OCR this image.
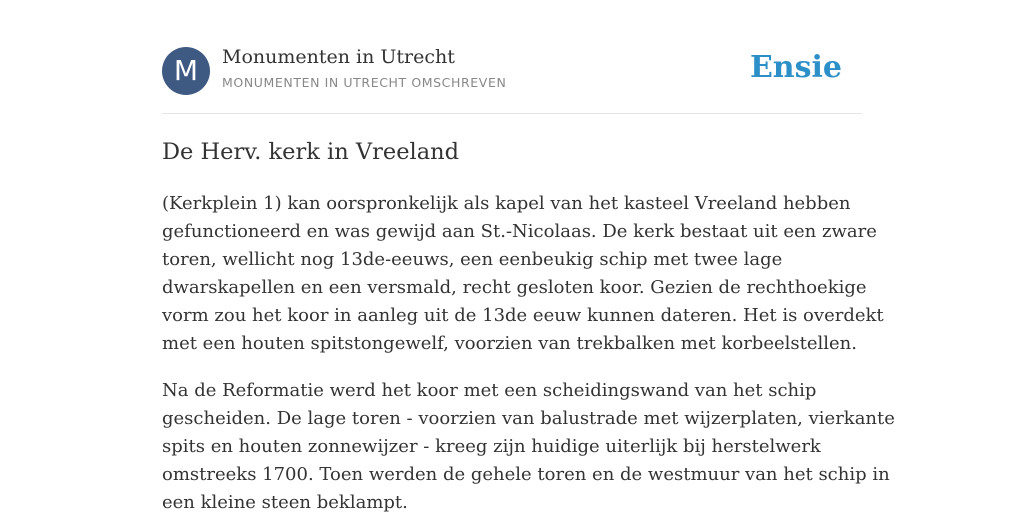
M	Monumenten in Utrecht
MONUMENTEN IN UTRECHT OMSCHREVEN	Ensie
De Herv. kerk in Vreeland

(Kerkplein 1) kan oorspronkelijk als kapel van het kasteel Vreeland hebben
gefunctioneerd en was gewijd aan St.-Nicolaas. De kerk bestaat uit een zware
toren, wellicht nog 13de-eeuws, een eenbeukig schip met twee lage
dwarskapellen en een versmald, recht gesloten koor. Gezien de rechthoekige
vorm zou het koor in aanleg uit de 13de eeuw kunnen dateren. Het is overdekt
met een houten spitstongewelf, voorzien van trekbalken met korbeelstellen.

Na de Reformatie werd het koor met een scheidingswand van het schip
gescheiden. De lage toren - voorzien van balustrade met wijzerplaten, vierkante
spits en houten zonnewijzer - kreeg zijn huidige uiterlijk bij herstelwerk
omstreeks 1700. Toen werden de gehele toren en de westmuur van het schip in
een kleine steen beklampt.
